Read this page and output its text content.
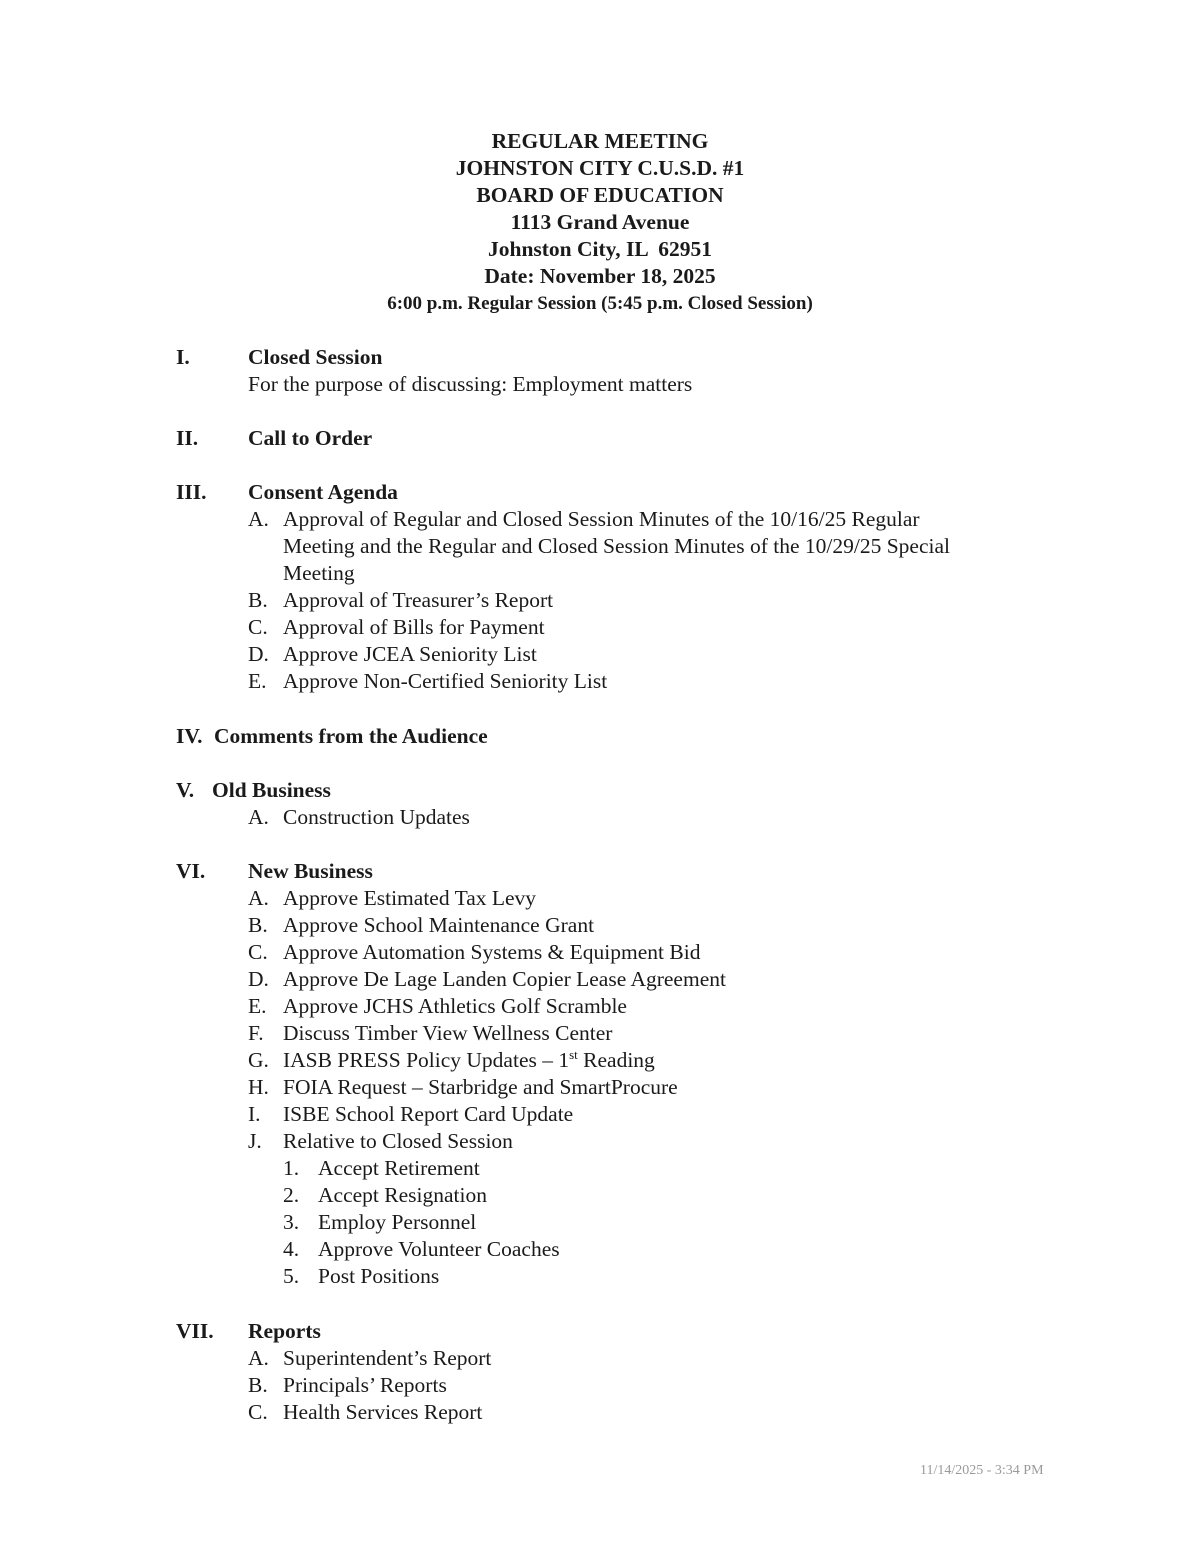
REGULAR MEETING
JOHNSTON CITY C.U.S.D. #1
BOARD OF EDUCATION
1113 Grand Avenue
Johnston City, IL  62951
Date: November 18, 2025
6:00 p.m. Regular Session (5:45 p.m. Closed Session)
I.	Closed Session
For the purpose of discussing: Employment matters
II. Call to Order
III. Consent Agenda
A. Approval of Regular and Closed Session Minutes of the 10/16/25 Regular
Meeting and the Regular and Closed Session Minutes of the 10/29/25 Special
Meeting
B. Approval of Treasurer’s Report
C. Approval of Bills for Payment
D. Approve JCEA Seniority List
E. Approve Non-Certified Seniority List
IV. Comments from the Audience
V. Old Business
A. Construction Updates
VI. New Business
A. Approve Estimated Tax Levy
B. Approve School Maintenance Grant
C. Approve Automation Systems & Equipment Bid
D. Approve De Lage Landen Copier Lease Agreement
E. Approve JCHS Athletics Golf Scramble
F. Discuss Timber View Wellness Center
G. IASB PRESS Policy Updates – 1st Reading
H. FOIA Request – Starbridge and SmartProcure
I. ISBE School Report Card Update
J. Relative to Closed Session
1. Accept Retirement
2. Accept Resignation
3. Employ Personnel
4. Approve Volunteer Coaches
5. Post Positions
VII. Reports
A. Superintendent’s Report
B. Principals’ Reports
C. Health Services Report
11/14/2025 - 3:34 PM
